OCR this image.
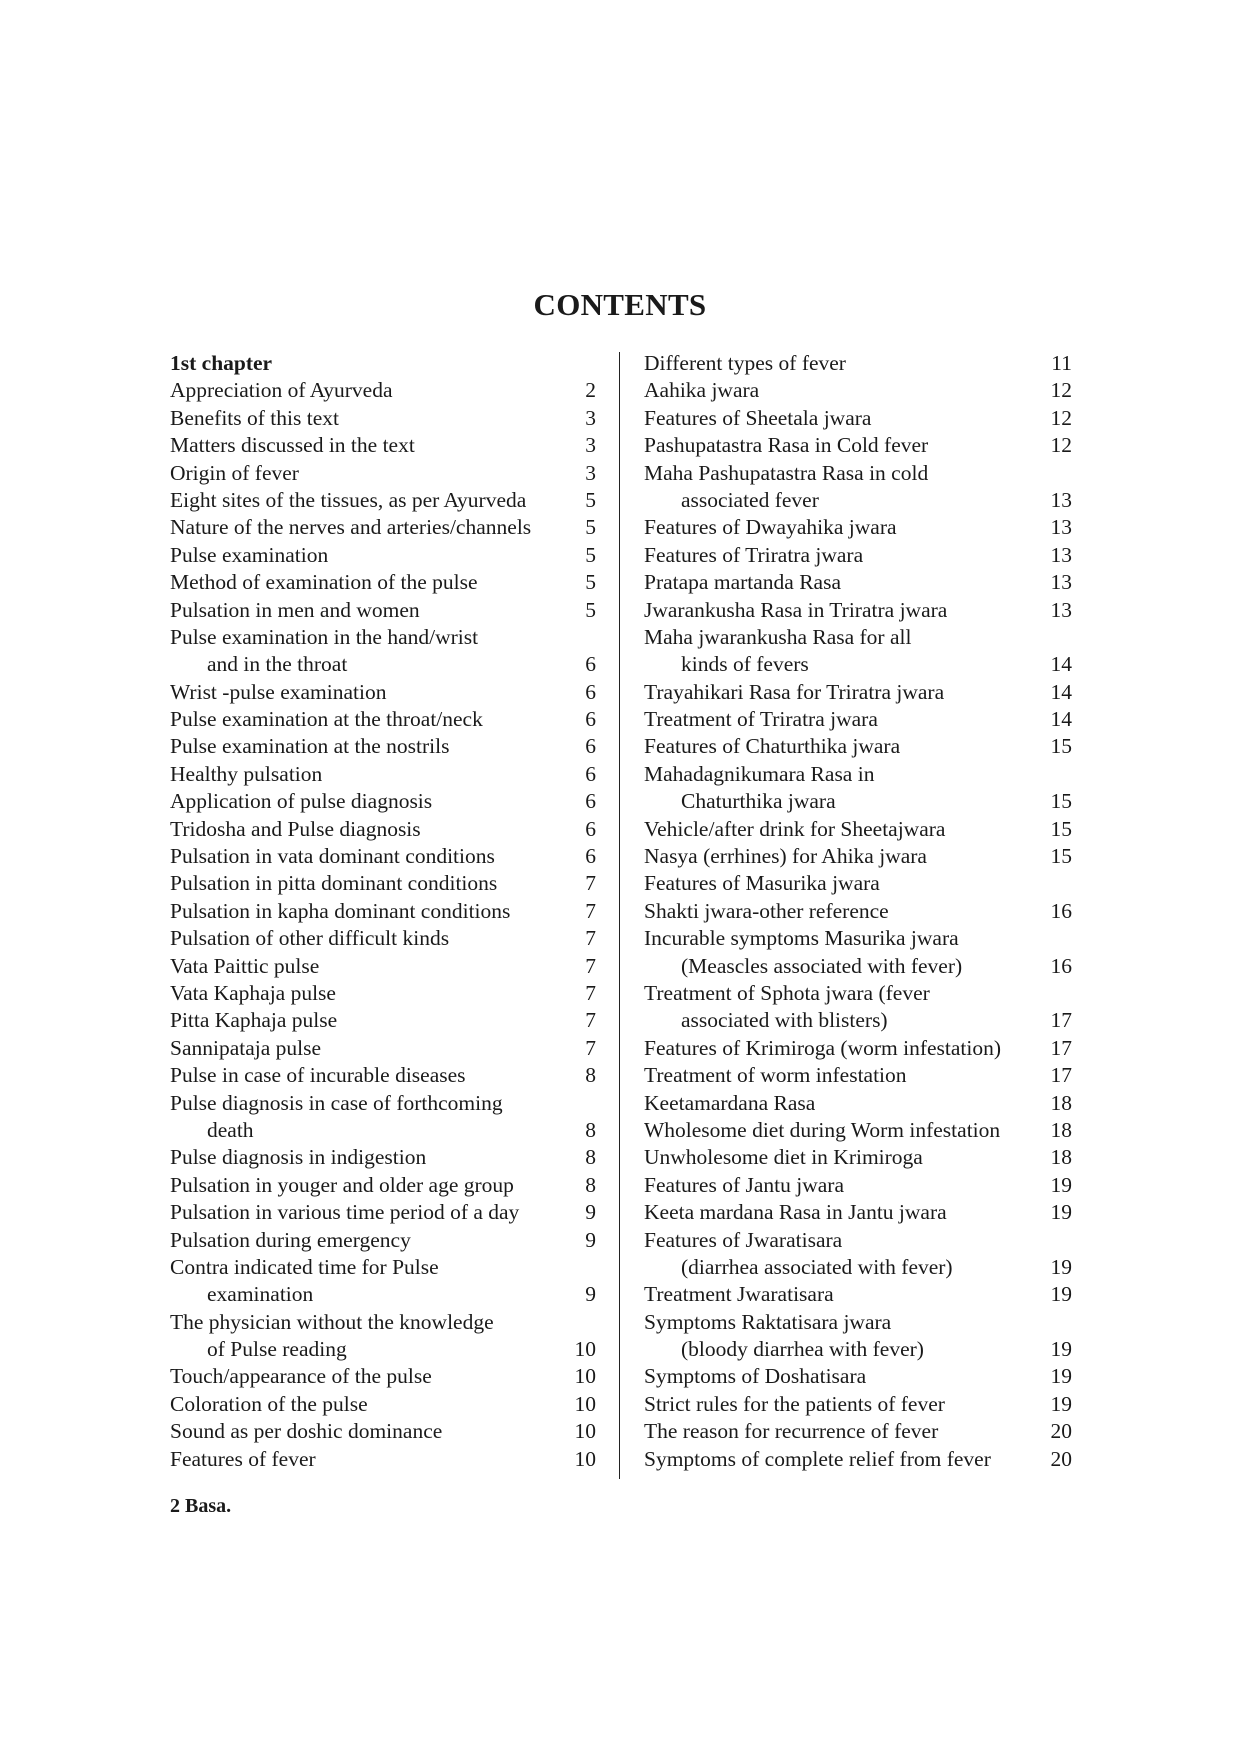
CONTENTS
1st chapter
Appreciation of Ayurveda	2
Benefits of this text	3
Matters discussed in the text	3
Origin of fever	3
Eight sites of the tissues, as per Ayurveda	5
Nature of the nerves and arteries/channels	5
Pulse examination	5
Method of examination of the pulse	5
Pulsation in men and women	5
Pulse examination in the hand/wrist
and in the throat	6
Wrist -pulse examination	6
Pulse examination at the throat/neck	6
Pulse examination at the nostrils	6
Healthy pulsation	6
Application of pulse diagnosis	6
Tridosha and Pulse diagnosis	6
Pulsation in vata dominant conditions	6
Pulsation in pitta dominant conditions	7
Pulsation in kapha dominant conditions	7
Pulsation of other difficult kinds	7
Vata Paittic pulse	7
Vata Kaphaja pulse	7
Pitta Kaphaja pulse	7
Sannipataja pulse	7
Pulse in case of incurable diseases	8
Pulse diagnosis in case of forthcoming
death	8
Pulse diagnosis in indigestion	8
Pulsation in youger and older age group	8
Pulsation in various time period of a day	9
Pulsation during emergency	9
Contra indicated time for Pulse
examination	9
The physician without the knowledge
of Pulse reading	10
Touch/appearance of the pulse	10
Coloration of the pulse	10
Sound as per doshic dominance	10
Features of fever	10
Different types of fever	11
Aahika jwara	12
Features of Sheetala jwara	12
Pashupatastra Rasa in Cold fever	12
Maha Pashupatastra Rasa in cold
associated fever	13
Features of Dwayahika jwara	13
Features of Triratra jwara	13
Pratapa martanda Rasa	13
Jwarankusha Rasa in Triratra jwara	13
Maha jwarankusha Rasa for all
kinds of fevers	14
Trayahikari Rasa for Triratra jwara	14
Treatment of Triratra jwara	14
Features of Chaturthika jwara	15
Mahadagnikumara Rasa in
Chaturthika jwara	15
Vehicle/after drink for Sheetajwara	15
Nasya (errhines) for Ahika jwara	15
Features of Masurika jwara
Shakti jwara-other reference	16
Incurable symptoms Masurika jwara
(Meascles associated with fever)	16
Treatment of Sphota jwara (fever
associated with blisters)	17
Features of Krimiroga (worm infestation)	17
Treatment of worm infestation	17
Keetamardana Rasa	18
Wholesome diet during Worm infestation	18
Unwholesome diet in Krimiroga	18
Features of Jantu jwara	19
Keeta mardana Rasa in Jantu jwara	19
Features of Jwaratisara
(diarrhea associated with fever)	19
Treatment Jwaratisara	19
Symptoms Raktatisara jwara
(bloody diarrhea with fever)	19
Symptoms of Doshatisara	19
Strict rules for the patients of fever	19
The reason for recurrence of fever	20
Symptoms of complete relief from fever	20
2 Basa.
